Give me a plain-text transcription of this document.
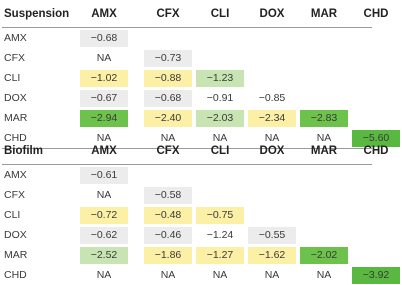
Suspension	AMX	CFX	CLI	DOX	MAR	CHD
AMX	−0.68
CFX	NA	−0.73
CLI	−1.02	−0.88	−1.23
DOX	−0.67	−0.68	−0.91	−0.85
MAR	−2.94	−2.40	−2.03	−2.34	−2.83
CHD	NA	NA	NA	NA	NA	−5.60
Biofilm	AMX	CFX	CLI	DOX	MAR	CHD
AMX	−0.61
CFX	NA	−0.58
CLI	−0.72	−0.48	−0.75
DOX	−0.62	−0.46	−1.24	−0.55
MAR	−2.52	−1.86	−1.27	−1.62	−2.02
CHD	NA	NA	NA	NA	NA	−3.92
